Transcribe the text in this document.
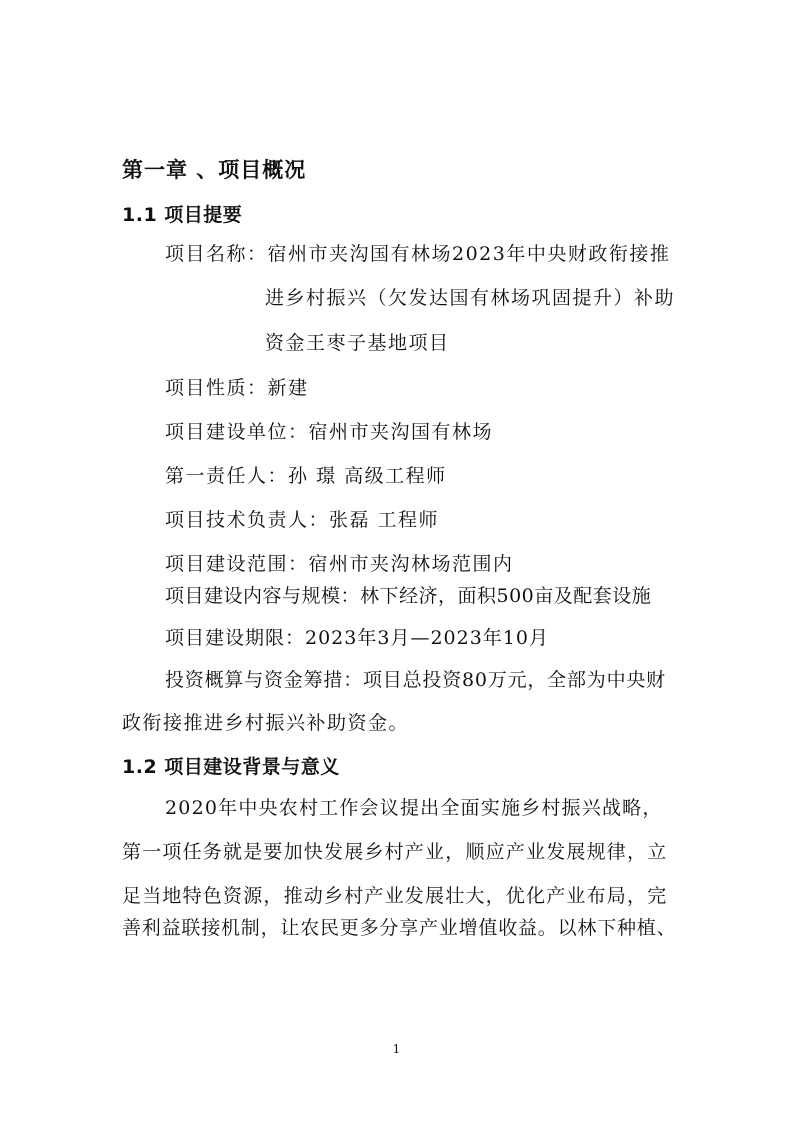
第一章 、项目概况
1.1 项目提要
项目名称：宿州市夹沟国有林场2023年中央财政衔接推
进乡村振兴（欠发达国有林场巩固提升）补助
资金王枣子基地项目
项目性质：新建
项目建设单位：宿州市夹沟国有林场
第一责任人：孙 璟 高级工程师
项目技术负责人：张磊 工程师
项目建设范围：宿州市夹沟林场范围内
项目建设内容与规模：林下经济，面积500亩及配套设施
项目建设期限：2023年3月—2023年10月
投资概算与资金筹措：项目总投资80万元，全部为中央财
政衔接推进乡村振兴补助资金。
1.2 项目建设背景与意义
2020年中央农村工作会议提出全面实施乡村振兴战略，
第一项任务就是要加快发展乡村产业，顺应产业发展规律，立
足当地特色资源，推动乡村产业发展壮大，优化产业布局，完
善利益联接机制，让农民更多分享产业增值收益。以林下种植、
1
